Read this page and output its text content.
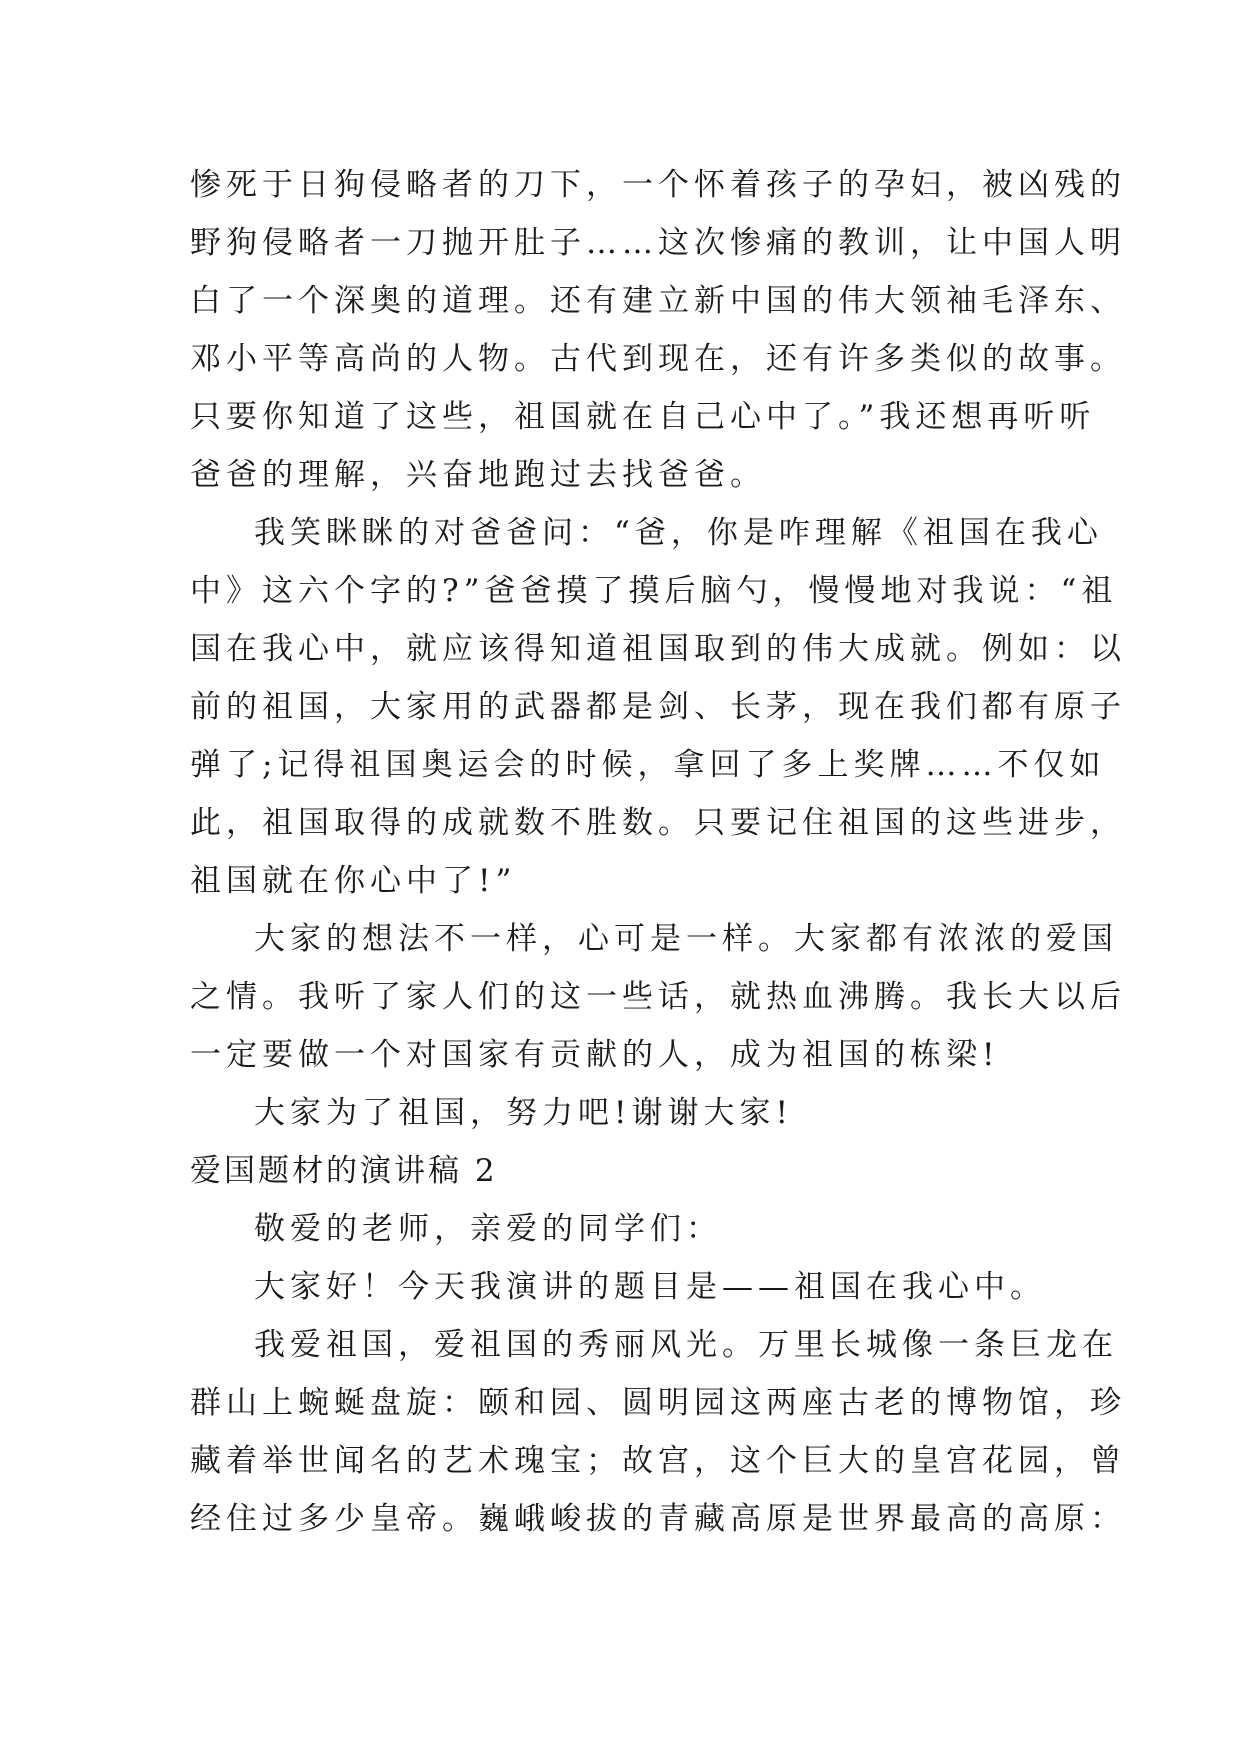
惨死于日狗侵略者的刀下，一个怀着孩子的孕妇，被凶残的
野狗侵略者一刀抛开肚子……这次惨痛的教训，让中国人明
白了一个深奥的道理。还有建立新中国的伟大领袖毛泽东、
邓小平等高尚的人物。古代到现在，还有许多类似的故事。
只要你知道了这些，祖国就在自己心中了。”我还想再听听
爸爸的理解，兴奋地跑过去找爸爸。
我笑眯眯的对爸爸问：“爸，你是咋理解《祖国在我心
中》这六个字的?”爸爸摸了摸后脑勺，慢慢地对我说：“祖
国在我心中，就应该得知道祖国取到的伟大成就。例如：以
前的祖国，大家用的武器都是剑、长茅，现在我们都有原子
弹了;记得祖国奥运会的时候，拿回了多上奖牌……不仅如
此，祖国取得的成就数不胜数。只要记住祖国的这些进步，
祖国就在你心中了!”
大家的想法不一样，心可是一样。大家都有浓浓的爱国
之情。我听了家人们的这一些话，就热血沸腾。我长大以后
一定要做一个对国家有贡献的人，成为祖国的栋梁!
大家为了祖国，努力吧!谢谢大家!
爱国题材的演讲稿 2
敬爱的老师，亲爱的同学们：
大家好！今天我演讲的题目是——祖国在我心中。
我爱祖国，爱祖国的秀丽风光。万里长城像一条巨龙在
群山上蜿蜒盘旋：颐和园、圆明园这两座古老的博物馆，珍
藏着举世闻名的艺术瑰宝；故宫，这个巨大的皇宫花园，曾
经住过多少皇帝。巍峨峻拔的青藏高原是世界最高的高原：
